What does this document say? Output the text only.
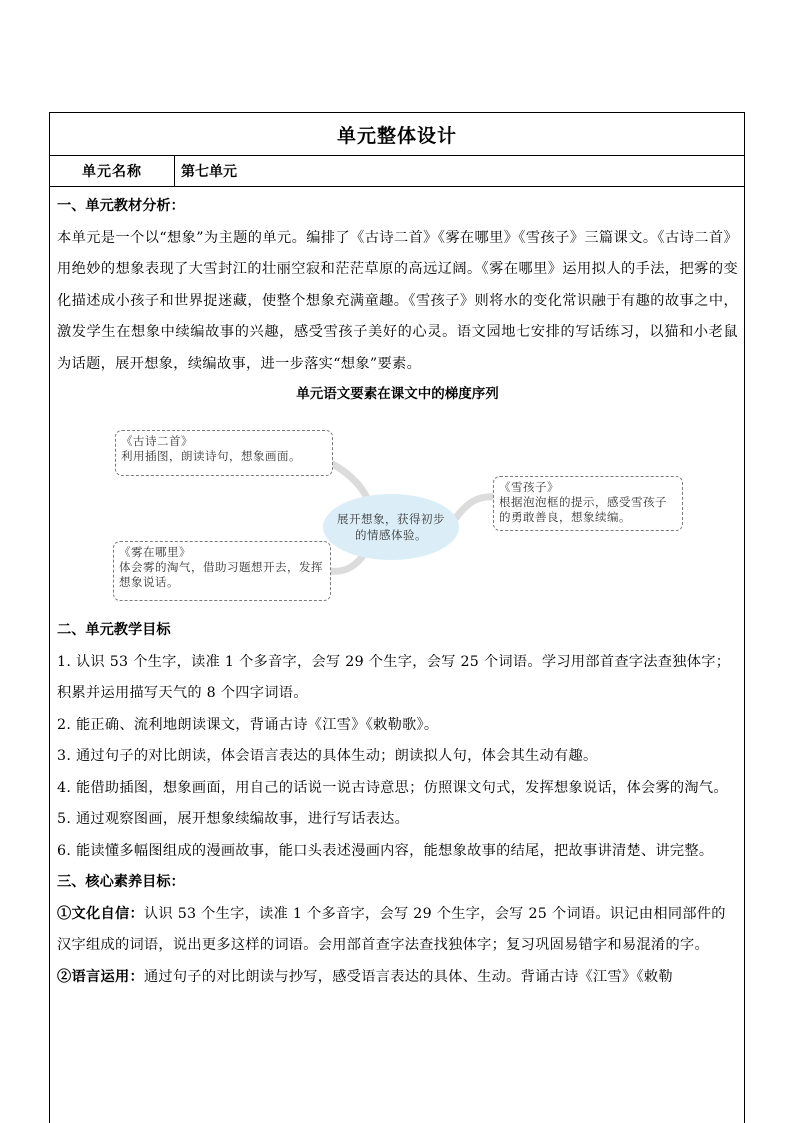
单元整体设计
单元名称	第七单元

一、单元教材分析：

本单元是一个以“想象”为主题的单元。编排了《古诗二首》《雾在哪里》《雪孩子》三篇课文。《古诗二首》用绝妙的想象表现了大雪封江的壮丽空寂和茫茫草原的高远辽阔。《雾在哪里》运用拟人的手法，把雾的变化描述成小孩子和世界捉迷藏，使整个想象充满童趣。《雪孩子》则将水的变化常识融于有趣的故事之中，激发学生在想象中续编故事的兴趣，感受雪孩子美好的心灵。语文园地七安排的写话练习，以猫和小老鼠为话题，展开想象，续编故事，进一步落实“想象”要素。

单元语文要素在课文中的梯度序列
《古诗二首》
利用插图，朗读诗句，想象画面。
《雪孩子》
根据泡泡框的提示，感受雪孩子的勇敢善良，想象续编。
《雾在哪里》
体会雾的淘气，借助习题想开去，发挥想象说话。
展开想象，获得初步的情感体验。

二、单元教学目标

1. 认识 53 个生字，读准 1 个多音字，会写 29 个生字，会写 25 个词语。学习用部首查字法查独体字；积累并运用描写天气的 8 个四字词语。

2. 能正确、流利地朗读课文，背诵古诗《江雪》《敕勒歌》。

3. 通过句子的对比朗读，体会语言表达的具体生动；朗读拟人句，体会其生动有趣。

4. 能借助插图，想象画面，用自己的话说一说古诗意思；仿照课文句式，发挥想象说话，体会雾的淘气。

5. 通过观察图画，展开想象续编故事，进行写话表达。

6. 能读懂多幅图组成的漫画故事，能口头表述漫画内容，能想象故事的结尾，把故事讲清楚、讲完整。

三、核心素养目标：

①文化自信：认识 53 个生字，读准 1 个多音字，会写 29 个生字，会写 25 个词语。识记由相同部件的汉字组成的词语，说出更多这样的词语。会用部首查字法查找独体字；复习巩固易错字和易混淆的字。

②语言运用：通过句子的对比朗读与抄写，感受语言表达的具体、生动。背诵古诗《江雪》《敕勒
